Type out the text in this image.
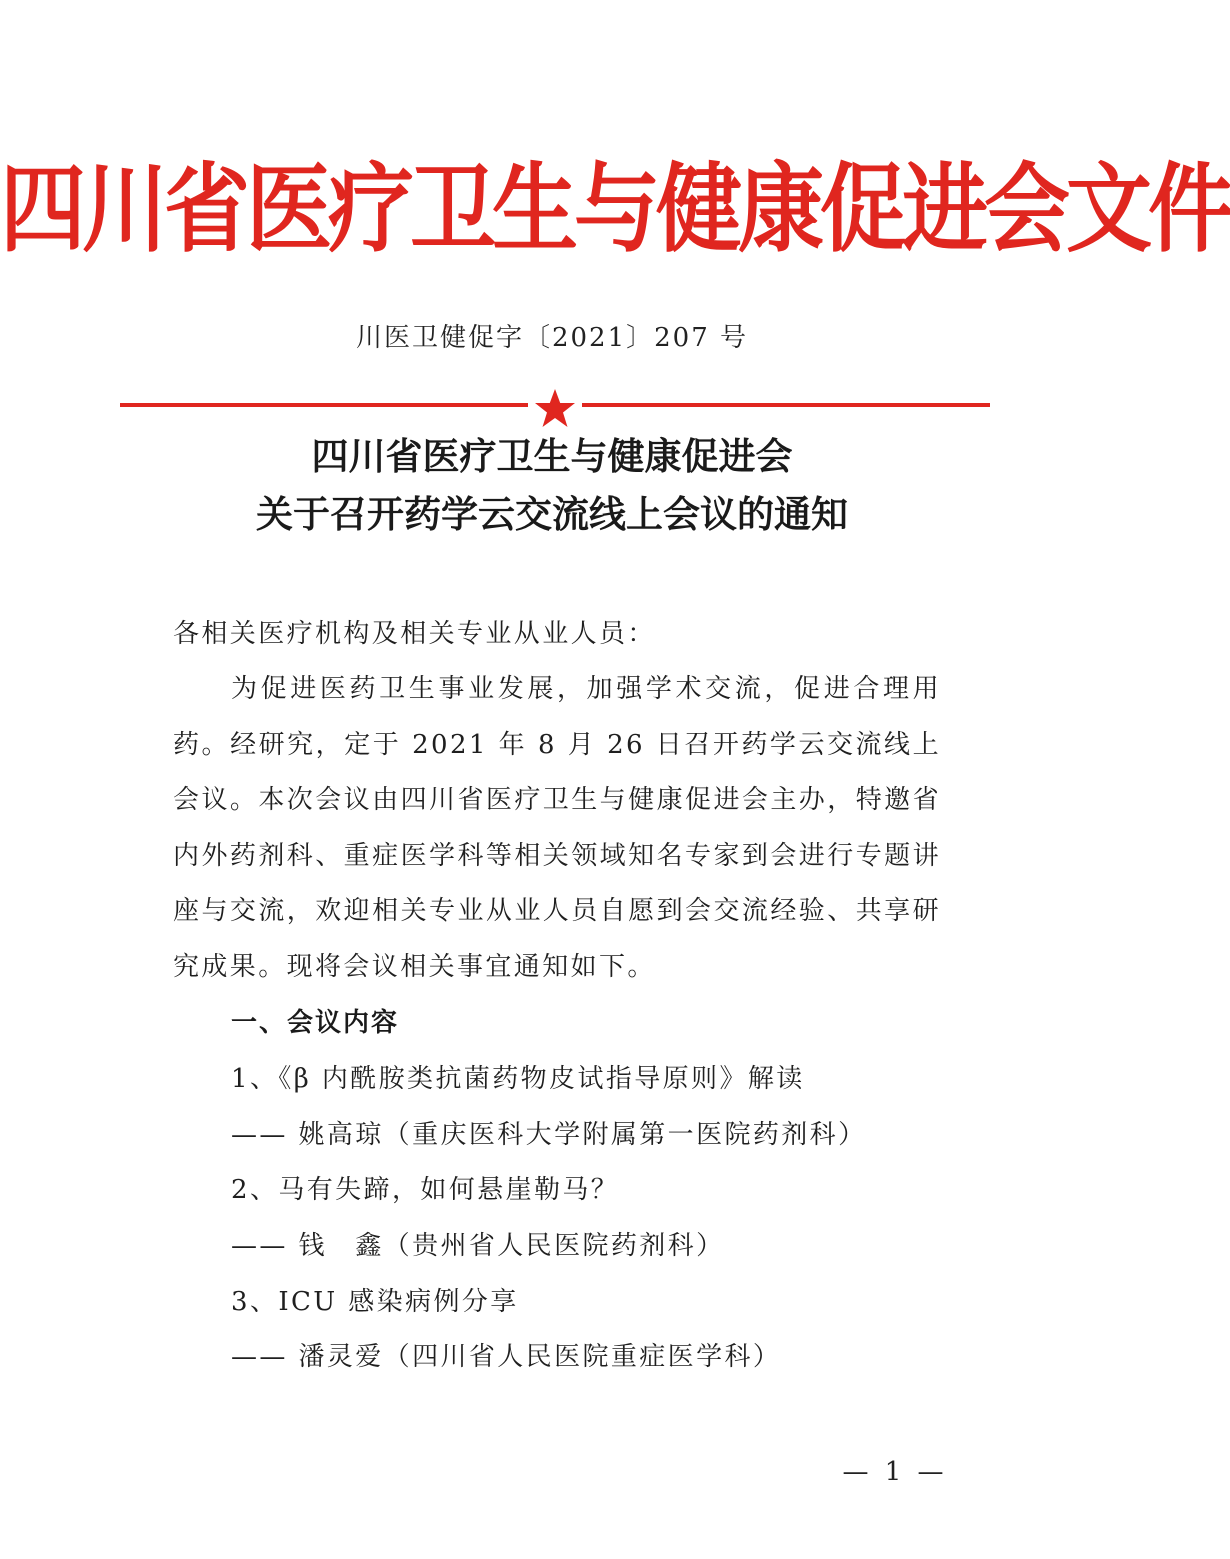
四川省医疗卫生与健康促进会文件
川医卫健促字〔2021〕207 号
四川省医疗卫生与健康促进会
关于召开药学云交流线上会议的通知
各相关医疗机构及相关专业从业人员：
为促进医药卫生事业发展，加强学术交流，促进合理用药。经研究，定于 2021 年 8 月 26 日召开药学云交流线上会议。本次会议由四川省医疗卫生与健康促进会主办，特邀省内外药剂科、重症医学科等相关领域知名专家到会进行专题讲座与交流，欢迎相关专业从业人员自愿到会交流经验、共享研究成果。现将会议相关事宜通知如下。
一、会议内容
1、《β 内酰胺类抗菌药物皮试指导原则》解读
—— 姚高琼（重庆医科大学附属第一医院药剂科）
2、马有失蹄，如何悬崖勒马？
—— 钱　鑫（贵州省人民医院药剂科）
3、ICU 感染病例分享
—— 潘灵爱（四川省人民医院重症医学科）
— 1 —
